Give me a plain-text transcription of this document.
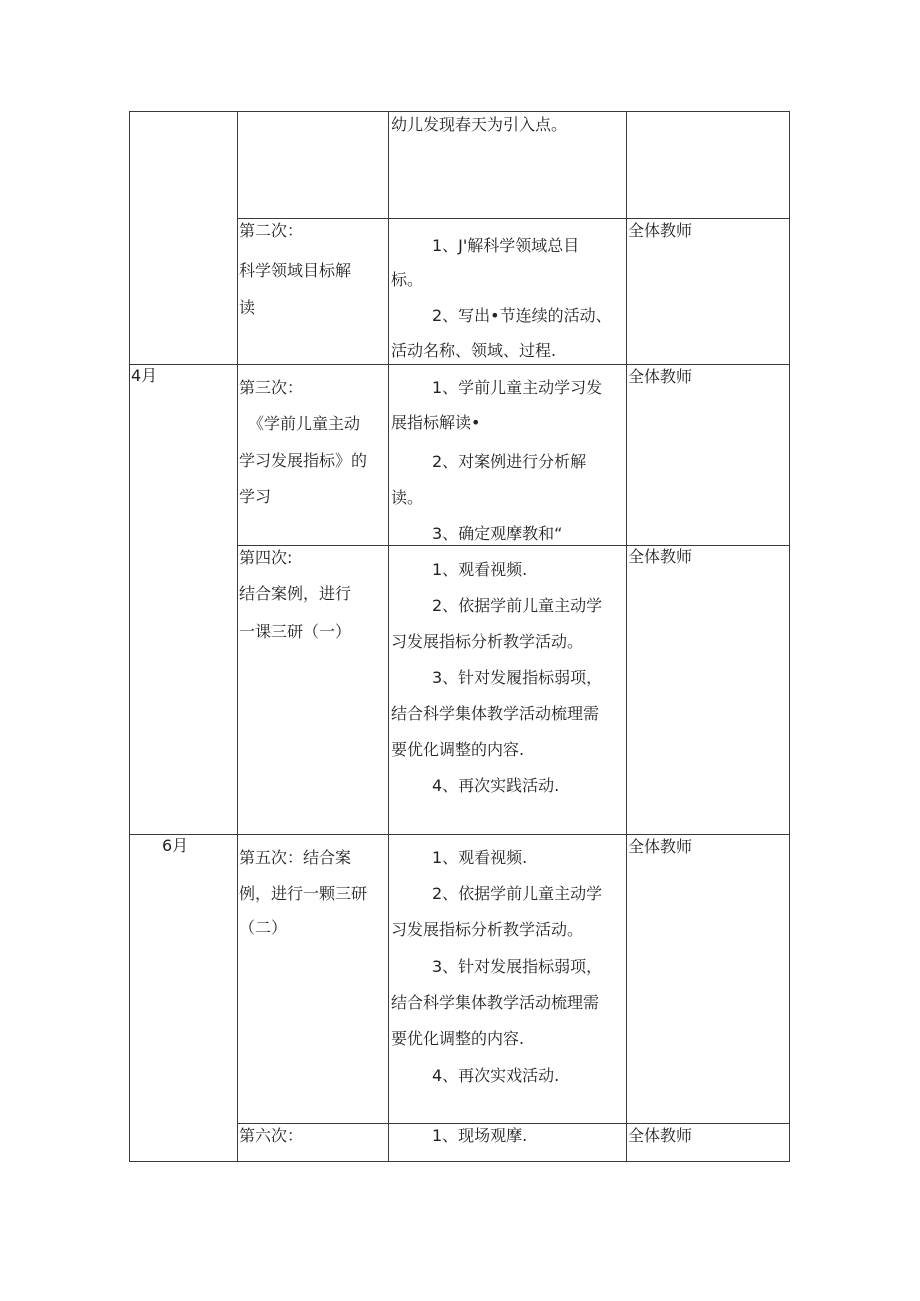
4月
6月
幼儿发现春天为引入点。
第二次：
科学领域目标解
读
1、J'解科学领域总目
标。
2、写出•节连续的活动、
活动名称、领域、过程.
全体教师
第三次：
《学前儿童主动
学习发展指标》的
学习
1、学前儿童主动学习发
展指标解读•
2、对案例进行分析解
读。
3、确定观摩教和“
全体教师
第四次:
结合案例，进行
一课三研（一）
1、观看视频.
2、依据学前儿童主动学
习发展指标分析教学活动。
3、针对发履指标弱项，
结合科学集体教学活动梳理需
要优化调整的内容.
4、再次实践活动.
全体教师
第五次：结合案
例，进行一颗三研
（二）
1、观看视频.
2、依据学前儿童主动学
习发展指标分析教学活动。
3、针对发展指标弱项，
结合科学集体教学活动梳理需
要优化调整的内容.
4、再次实戏活动.
全体教师
第六次：	1、现场观摩.	全体教师
